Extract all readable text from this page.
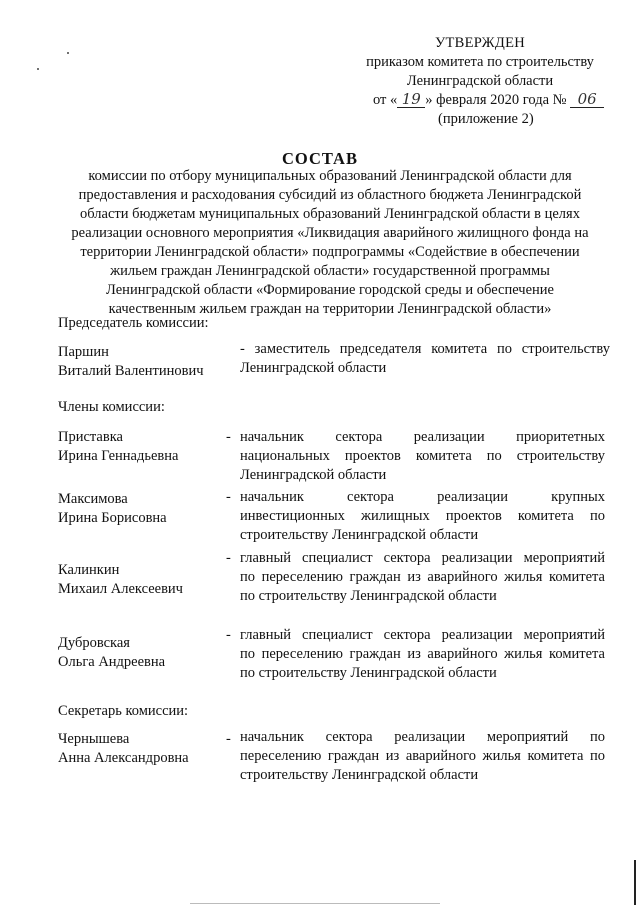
УТВЕРЖДЕН
приказом комитета по строительству
Ленинградской области
от « 19 » февраля 2020 года № 06
(приложение 2)
СОСТАВ
комиссии по отбору муниципальных образований Ленинградской области для
предоставления и расходования субсидий из областного бюджета Ленинградской
области бюджетам муниципальных образований Ленинградской области в целях
реализации основного мероприятия «Ликвидация аварийного жилищного фонда на
территории Ленинградской области» подпрограммы «Содействие в обеспечении
жильем граждан Ленинградской области» государственной программы
Ленинградской области «Формирование городской среды и обеспечение
качественным жильем граждан на территории Ленинградской области»
Председатель комиссии:
Паршин
Виталий Валентинович
- заместитель председателя комитета по строительству
Ленинградской области
Члены комиссии:
Приставка
Ирина Геннадьевна
- начальник сектора реализации приоритетных
национальных проектов комитета по строительству
Ленинградской области
Максимова
Ирина Борисовна
- начальник сектора реализации крупных
инвестиционных жилищных проектов комитета по
строительству Ленинградской области
Калинкин
Михаил Алексеевич
- главный специалист сектора реализации мероприятий
по переселению граждан из аварийного жилья комитета
по строительству Ленинградской области
Дубровская
Ольга Андреевна
- главный специалист сектора реализации мероприятий
по переселению граждан из аварийного жилья комитета
по строительству Ленинградской области
Секретарь комиссии:
Чернышева
Анна Александровна
- начальник сектора реализации мероприятий по
переселению граждан из аварийного жилья комитета по
строительству Ленинградской области
